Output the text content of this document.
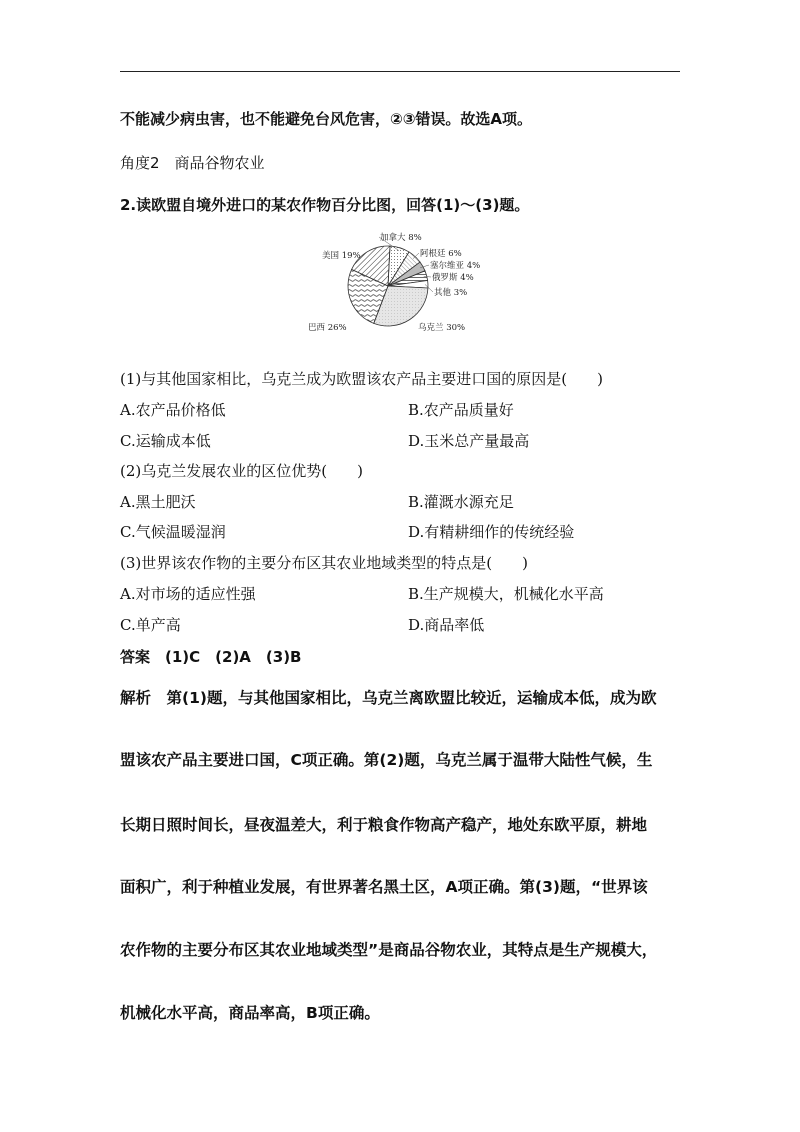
不能减少病虫害，也不能避免台风危害，②③错误。故选A项。
角度2　商品谷物农业
2.读欧盟自境外进口的某农作物百分比图，回答(1)～(3)题。
加拿大 8%
阿根廷 6%
塞尔维亚 4%
俄罗斯 4%
其他 3%
乌克兰 30%
巴西 26%
美国 19%
(1)与其他国家相比，乌克兰成为欧盟该农产品主要进口国的原因是(　　)
A.农产品价格低	B.农产品质量好
C.运输成本低	D.玉米总产量最高
(2)乌克兰发展农业的区位优势(　　)
A.黑土肥沃	B.灌溉水源充足
C.气候温暖湿润	D.有精耕细作的传统经验
(3)世界该农作物的主要分布区其农业地域类型的特点是(　　)
A.对市场的适应性强	B.生产规模大，机械化水平高
C.单产高	D.商品率低
答案　(1)C　(2)A　(3)B
解析　第(1)题，与其他国家相比，乌克兰离欧盟比较近，运输成本低，成为欧
盟该农产品主要进口国，C项正确。第(2)题，乌克兰属于温带大陆性气候，生
长期日照时间长，昼夜温差大，利于粮食作物高产稳产，地处东欧平原，耕地
面积广，利于种植业发展，有世界著名黑土区，A项正确。第(3)题，“世界该
农作物的主要分布区其农业地域类型”是商品谷物农业，其特点是生产规模大，
机械化水平高，商品率高，B项正确。
